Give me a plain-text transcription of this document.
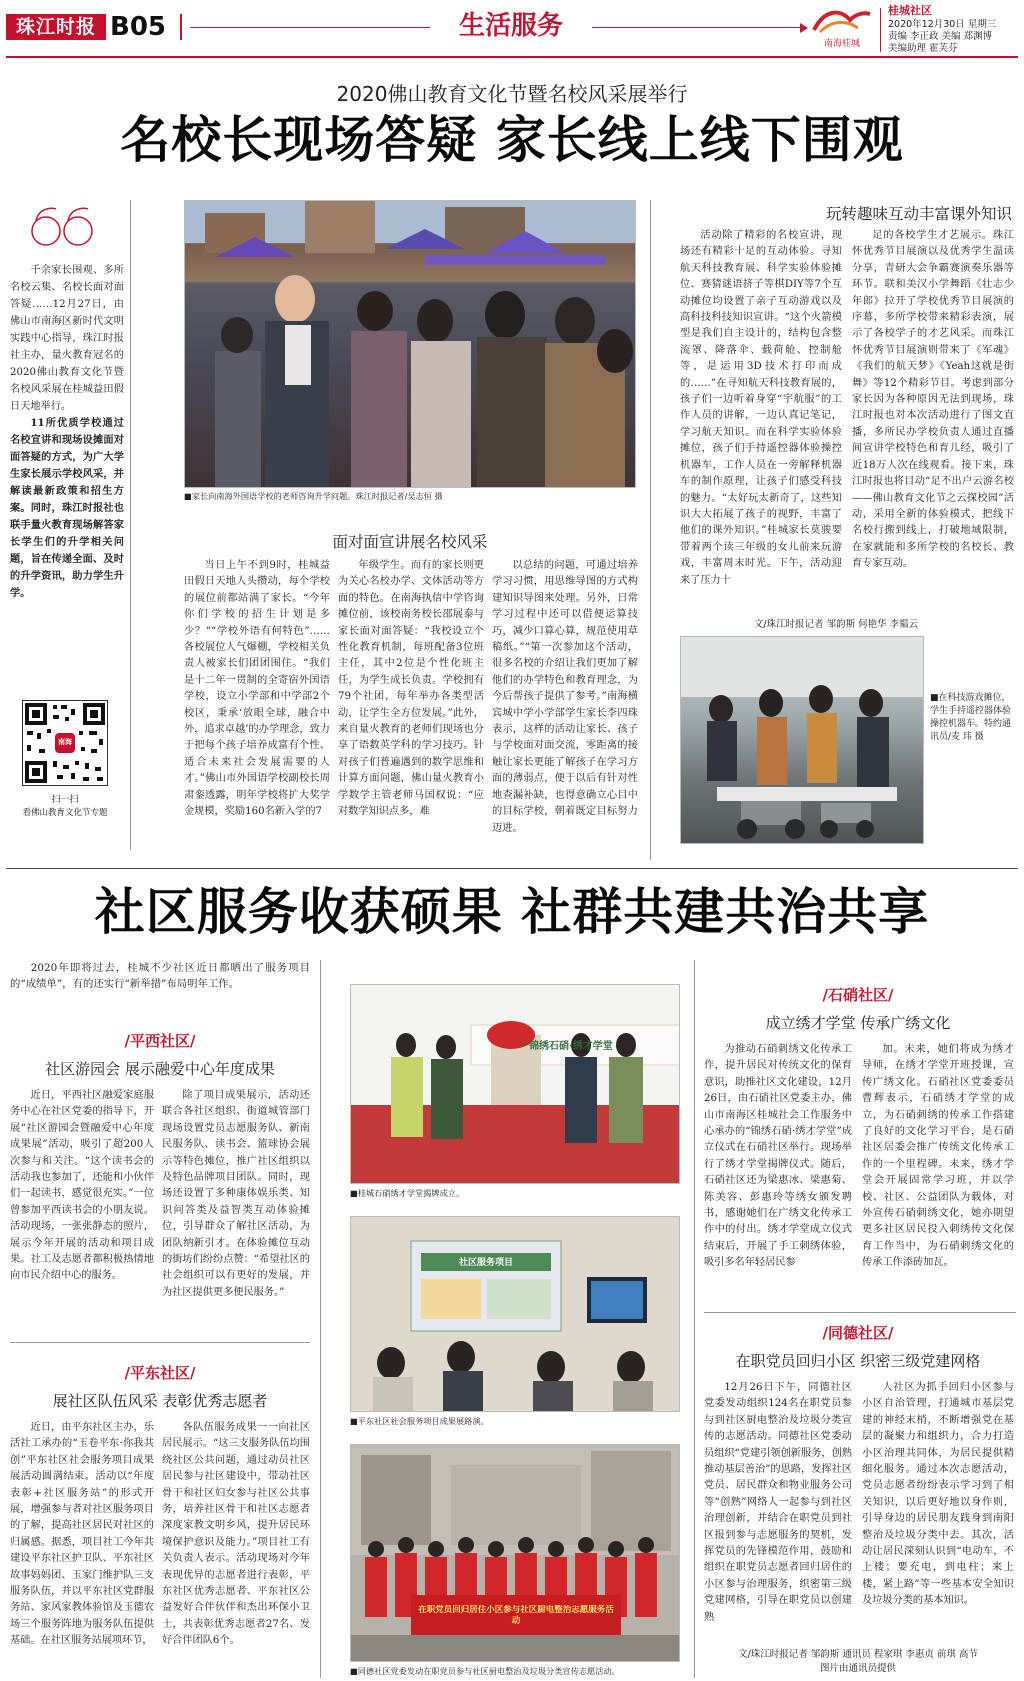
珠江时报 B05	生活服务
南海桂城
桂城社区
2020年12月30日 星期三
责编 李正政 美编 郑渊博
美编助理 霍芙芬
2020佛山教育文化节暨名校风采展举行
名校长现场答疑 家长线上线下围观

千余家长围观、多所名校云集、名校长面对面答疑……12月27日，由佛山市南海区新时代文明实践中心指导，珠江时报社主办，量火教育冠名的2020佛山教育文化节暨名校风采展在桂城益田假日天地举行。

11所优质学校通过名校宣讲和现场设摊面对面答疑的方式，为广大学生家长展示学校风采，并解读最新政策和招生方案。同时，珠江时报社也联手量火教育现场解答家长学生们的升学相关问题，旨在传递全面、及时的升学资讯，助力学生升学。

南海
扫一扫
看佛山教育文化节专题
■家长向南海外国语学校的老师咨询升学问题。珠江时报记者/吴志恒 摄
面对面宣讲展名校风采

当日上午不到9时，桂城益田假日天地人头攒动，每个学校的展位前都站满了家长。“今年你们学校的招生计划是多少？”“学校外语有何特色”……各校展位人气爆棚，学校相关负责人被家长们团团围住。“我们是十二年一贯制的全寄宿外国语学校，设立小学部和中学部2个校区，秉承‘放眼全球，融合中外，追求卓越’的办学理念，致力于把每个孩子培养成富有个性、适合未来社会发展需要的人才。”佛山市外国语学校副校长周肃銮透露，明年学校将扩大奖学金规模，奖励160名新入学的7

年级学生。而有的家长则更为关心名校办学、文体活动等方面的特色。在南海执信中学咨询摊位前，该校南务校长邵展泰与家长面对面答疑：“我校设立个性化教育机制，每班配备3位班主任，其中2位是个性化班主任，为学生成长负责。学校拥有79个社团，每年举办各类型活动，让学生全方位发展。”此外，来自量火教育的老师们现场也分享了语数英学科的学习技巧。针对孩子们普遍遇到的数学思维和计算方面问题，佛山量火教育小学数学主管老师马国权说：“应对数学知识点多，难

以总结的问题，可通过培养学习习惯，用思维导图的方式构建知识导图来处理。另外，日常学习过程中还可以借便运算技巧，减少口算心算，规范使用草稿纸。”“第一次参加这个活动，很多名校的介绍让我们更加了解他们的办学特色和教育理念，为今后帮孩子提供了参考。”南海横宾城中学小学部学生家长李四珠表示，这样的活动让家长、孩子与学校面对面交流，零距离的接触让家长更能了解孩子在学习方面的薄弱点，便于以后有针对性地查漏补缺，也得意确立心目中的目标学校，朝着既定目标努力迈进。

玩转趣味互动丰富课外知识

活动除了精彩的名校宣讲，现场还有精彩十足的互动体验。寻知航天科技教育展、科学实验体验摊位、赛猜谜语挤子等棋DIY等7个互动摊位均设置了亲子互动游戏以及高科技科技知识宣讲。“这个火箭模型是我们自主设计的，结构包含整流罩、降落伞、载荷舱、控制舱等，是运用3D技术打印而成的……”在寻知航天科技教育展的，孩子们一边听着身穿“宇航服”的工作人员的讲解，一边认真记笔记，学习航天知识。而在科学实验体验摊位，孩子们手持遥控器体验操控机器车，工作人员在一旁解释机器车的制作原理，让孩子们感受科技的魅力。“太好玩太新奇了，这些知识大大拓展了孩子的视野，丰富了他们的课外知识。”桂城家长莫骏要带着两个读三年级的女儿前来玩游戏，丰富周末时光。下午，活动迎来了压力十

足的各校学生才艺展示。珠江怀优秀节目展演以及优秀学生温读分享，青研大会争霸赛演奏乐器等环节。联和美汉小学舞蹈《壮志少年郎》拉开了学校优秀节目展演的序幕，多所学校带来精彩表演，展示了各校学子的才艺风采。而珠江怀优秀节目展演则带来了《军魂》《我们的航天梦》《Yeah这就是街舞》等12个精彩节目。考虑到部分家长因为各种原因无法到现场，珠江时报也对本次活动进行了图文直播，多所民办学校负责人通过直播间宣讲学校特色和育儿经，吸引了近18万人次在线观看。接下来，珠江时报也将目动“足不出户云游名校——佛山教育文化节之云探校园”活动，采用全新的体验模式，把线下名校行搬到线上，打破地域限制，在家就能和多所学校的名校长、教育专家互动。

文/珠江时报记者 邹韵斯 何艳华 李韫云
■在科技游戏摊位，学生手持遥控器体验操控机器车。特约通讯员/麦 玮 摄
社区服务收获硕果 社群共建共治共享

2020年即将过去，桂城不少社区近日都晒出了服务项目的“成绩单”，有的还实行“新举措”布局明年工作。

/平西社区/
社区游园会 展示融爱中心年度成果

近日，平西社区融爱家庭服务中心在社区党委的指导下，开展“社区游园会暨融爱中心年度成果展”活动，吸引了超200人次参与和关注。“这个读书会的活动我也参加了，还能和小伙伴们一起读书，感觉很充实。”一位曾参加平西读书会的小朋友说。活动现场，一张张静态的照片，展示今年开展的活动和项目成果。社工及志愿者都积极热情地向市民介绍中心的服务。

除了项目成果展示，活动还联合各社区组织、街道城管部门现场设置党员志愿服务队、新南民服务队、读书会、篮球协会展示等特色摊位，推广社区组织以及特色品牌项目团队。同时，现场还设置了多种康体娱乐类、知识问答类及益智类互动体验摊位，引导群众了解社区活动，为团队纳新引才。在体验摊位互动的街坊们纷纷点赞：“希望社区的社会组织可以有更好的发展，并为社区提供更多便民服务。”

/平东社区/
展社区队伍风采 表彰优秀志愿者

近日，由平东社区主办，乐活社工承办的“玉卷平东·你我共创”平东社区社会服务项目成果展活动圆满结束。活动以“年度表彰+社区服务站”的形式开展，增强参与者对社区服务项目的了解，提高社区居民对社区的归属感。据悉，项目社工今年共建设平东社区护卫队、平东社区故事妈妈团、玉家门维护队三支服务队伍，并以平东社区党群服务站、家风家教体验馆及玉德农场三个服务阵地为服务队伍提供基础。在社区服务站展项环节，

各队伍服务成果一一向社区居民展示。“这三支服务队伍均围绕社区公共问题，通过动员社区居民参与社区建设中，带动社区骨干和社区妇女参与社区公共事务，培养社区骨干和社区志愿者深度家教文明乡风，提升居民环境保护意识及能力。”项目社工有关负责人表示。活动现场对今年表现优异的志愿者进行表彰，平东社区优秀志愿者、平东社区公益发好合伴伙伴和杰出环保小卫士，共表彰优秀志愿者27名、发好合伴团队6个。

一锦绣石硝·绣才学堂
■桂城石硝绣才学堂揭牌成立。
社区服务项目
■平东社区社会服务项目成果展路演。
在职党员回归居住小区参与社区厨电整治志愿服务活动
■同德社区党委发动在职党员参与社区厨电整治及垃圾分类宣传志愿活动。
/石硝社区/
成立绣才学堂 传承广绣文化

为推动石硝刺绣文化传承工作，提升居民对传统文化的保育意识，助推社区文化建设，12月26日，由石硝社区党委主办，佛山市南海区桂城社会工作服务中心承办的“锦绣石硝·绣才学堂”成立仪式在石硝社区举行。现场举行了绣才学堂揭牌仪式。随后，石硝社区还为梁惠冰、梁惠菊、陈美容、彭惠玲等绣女颁发聘书，感谢她们在广绣文化传承工作中的付出。绣才学堂成立仪式结束后，开展了手工刺绣体验，吸引多名年轻居民参

加。未来，她们将成为绣才导师，在绣才学堂开班授课，宣传广绣文化。石硝社区党委委员曹辉表示，石硝绣才学堂的成立，为石硝刺绣的传承工作搭建了良好的文化学习平台，是石硝社区居委会推广传统文化传承工作的一个里程碑。未来，绣才学堂会开展固常学习班，并以学校、社区、公益团队为载体，对外宣传石硝刺绣文化，她亦期望更多社区居民投入刺绣传文化保育工作当中，为石硝刺绣文化的传承工作添砖加瓦。

/同德社区/
在职党员回归小区 织密三级党建网格

12月26日下午，同德社区党委发动组织124名在职党员参与到社区厨电整治及垃圾分类宣传的志愿活动。同德社区党委动员组织“党建引领创新服务，创熟推动基层善治”的思路，发挥社区党员、居民群众和物业服务公司等“创熟”网络人一起参与到社区治理创新，并结合在职党员到社区报到参与志愿服务的契机，发挥党员的先锋模范作用，鼓励和组织在职党员志愿者回归居住的小区参与治理服务，织密第三级党建网格，引导在职党员以创建熟

人社区为抓手回归小区参与小区自治管理，打通城市基层党建的神经末梢，不断增强党在基层的凝聚力和组织力，合力打造小区治理共同体，为居民提供精细化服务。通过本次志愿活动，党员志愿者纷纷表示学习到了相关知识，以后更好地以身作则，引导身边的居民朋友践身到南阳整治及垃圾分类中去。其次，活动让居民深刻认识到“电动车，不上楼；要充电，到电柱；来上楼，紧上路”等一些基本安全知识及垃圾分类的基本知识。

文/珠江时报记者 邹韵斯 通讯员 程家琪 李惠贞 前琪 高节
图片由通讯员提供
